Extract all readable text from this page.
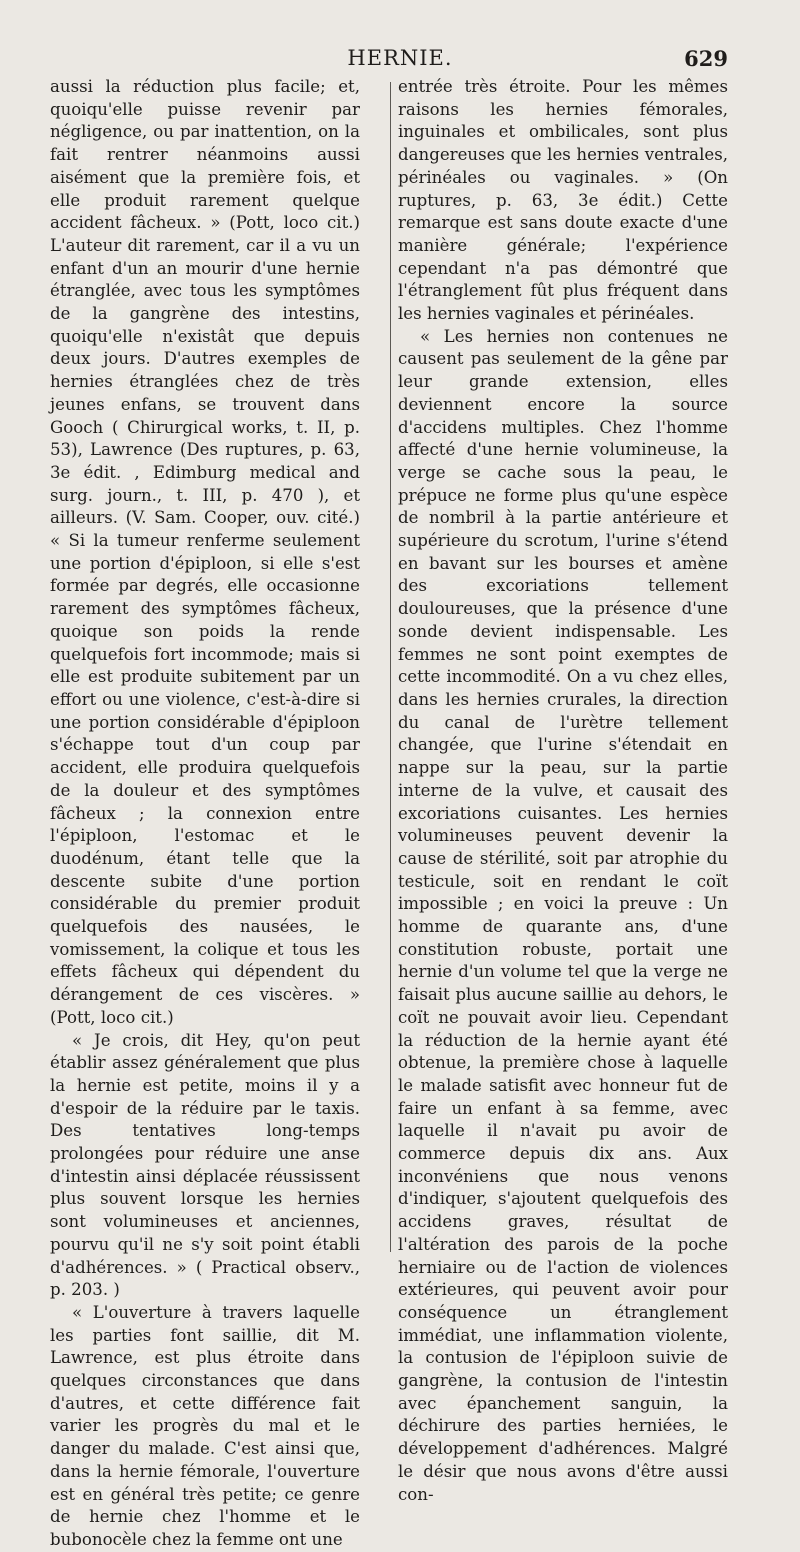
HERNIE.	629

aussi la réduction plus facile; et, quoiqu'elle puisse revenir par négligence, ou par inattention, on la fait rentrer néanmoins aussi aisément que la première fois, et elle produit rarement quelque accident fâcheux. » (Pott, loco cit.) L'auteur dit rarement, car il a vu un enfant d'un an mourir d'une hernie étranglée, avec tous les symptômes de la gangrène des intestins, quoiqu'elle n'existât que depuis deux jours. D'autres exemples de hernies étranglées chez de très jeunes enfans, se trouvent dans Gooch ( Chirurgical works, t. II, p. 53), Lawrence (Des ruptures, p. 63, 3e édit. , Edimburg medical and surg. journ., t. III, p. 470 ), et ailleurs. (V. Sam. Cooper, ouv. cité.) « Si la tumeur renferme seulement une portion d'épiploon, si elle s'est formée par degrés, elle occasionne rarement des symptômes fâcheux, quoique son poids la rende quelquefois fort incommode; mais si elle est produite subitement par un effort ou une violence, c'est-à-dire si une portion considérable d'épiploon s'échappe tout d'un coup par accident, elle produira quelquefois de la douleur et des symptômes fâcheux ; la connexion entre l'épiploon, l'estomac et le duodénum, étant telle que la descente subite d'une portion considérable du premier produit quelquefois des nausées, le vomissement, la colique et tous les effets fâcheux qui dépendent du dérangement de ces viscères. » (Pott, loco cit.)

« Je crois, dit Hey, qu'on peut établir assez généralement que plus la hernie est petite, moins il y a d'espoir de la réduire par le taxis. Des tentatives long-temps prolongées pour réduire une anse d'intestin ainsi déplacée réussissent plus souvent lorsque les hernies sont volumineuses et anciennes, pourvu qu'il ne s'y soit point établi d'adhérences. » ( Practical observ., p. 203. )

« L'ouverture à travers laquelle les parties font saillie, dit M. Lawrence, est plus étroite dans quelques circonstances que dans d'autres, et cette différence fait varier les progrès du mal et le danger du malade. C'est ainsi que, dans la hernie fémorale, l'ouverture est en général très petite; ce genre de hernie chez l'homme et le bubonocèle chez la femme ont une

entrée très étroite. Pour les mêmes raisons les hernies fémorales, inguinales et ombilicales, sont plus dangereuses que les hernies ventrales, périnéales ou vaginales. » (On ruptures, p. 63, 3e édit.) Cette remarque est sans doute exacte d'une manière générale; l'expérience cependant n'a pas démontré que l'étranglement fût plus fréquent dans les hernies vaginales et périnéales.

« Les hernies non contenues ne causent pas seulement de la gêne par leur grande extension, elles deviennent encore la source d'accidens multiples. Chez l'homme affecté d'une hernie volumineuse, la verge se cache sous la peau, le prépuce ne forme plus qu'une espèce de nombril à la partie antérieure et supérieure du scrotum, l'urine s'étend en bavant sur les bourses et amène des excoriations tellement douloureuses, que la présence d'une sonde devient indispensable. Les femmes ne sont point exemptes de cette incommodité. On a vu chez elles, dans les hernies crurales, la direction du canal de l'urètre tellement changée, que l'urine s'étendait en nappe sur la peau, sur la partie interne de la vulve, et causait des excoriations cuisantes. Les hernies volumineuses peuvent devenir la cause de stérilité, soit par atrophie du testicule, soit en rendant le coït impossible ; en voici la preuve : Un homme de quarante ans, d'une constitution robuste, portait une hernie d'un volume tel que la verge ne faisait plus aucune saillie au dehors, le coït ne pouvait avoir lieu. Cependant la réduction de la hernie ayant été obtenue, la première chose à laquelle le malade satisfit avec honneur fut de faire un enfant à sa femme, avec laquelle il n'avait pu avoir de commerce depuis dix ans. Aux inconvéniens que nous venons d'indiquer, s'ajoutent quelquefois des accidens graves, résultat de l'altération des parois de la poche herniaire ou de l'action de violences extérieures, qui peuvent avoir pour conséquence un étranglement immédiat, une inflammation violente, la contusion de l'épiploon suivie de gangrène, la contusion de l'intestin avec épanchement sanguin, la déchirure des parties herniées, le développement d'adhérences. Malgré le désir que nous avons d'être aussi con-
